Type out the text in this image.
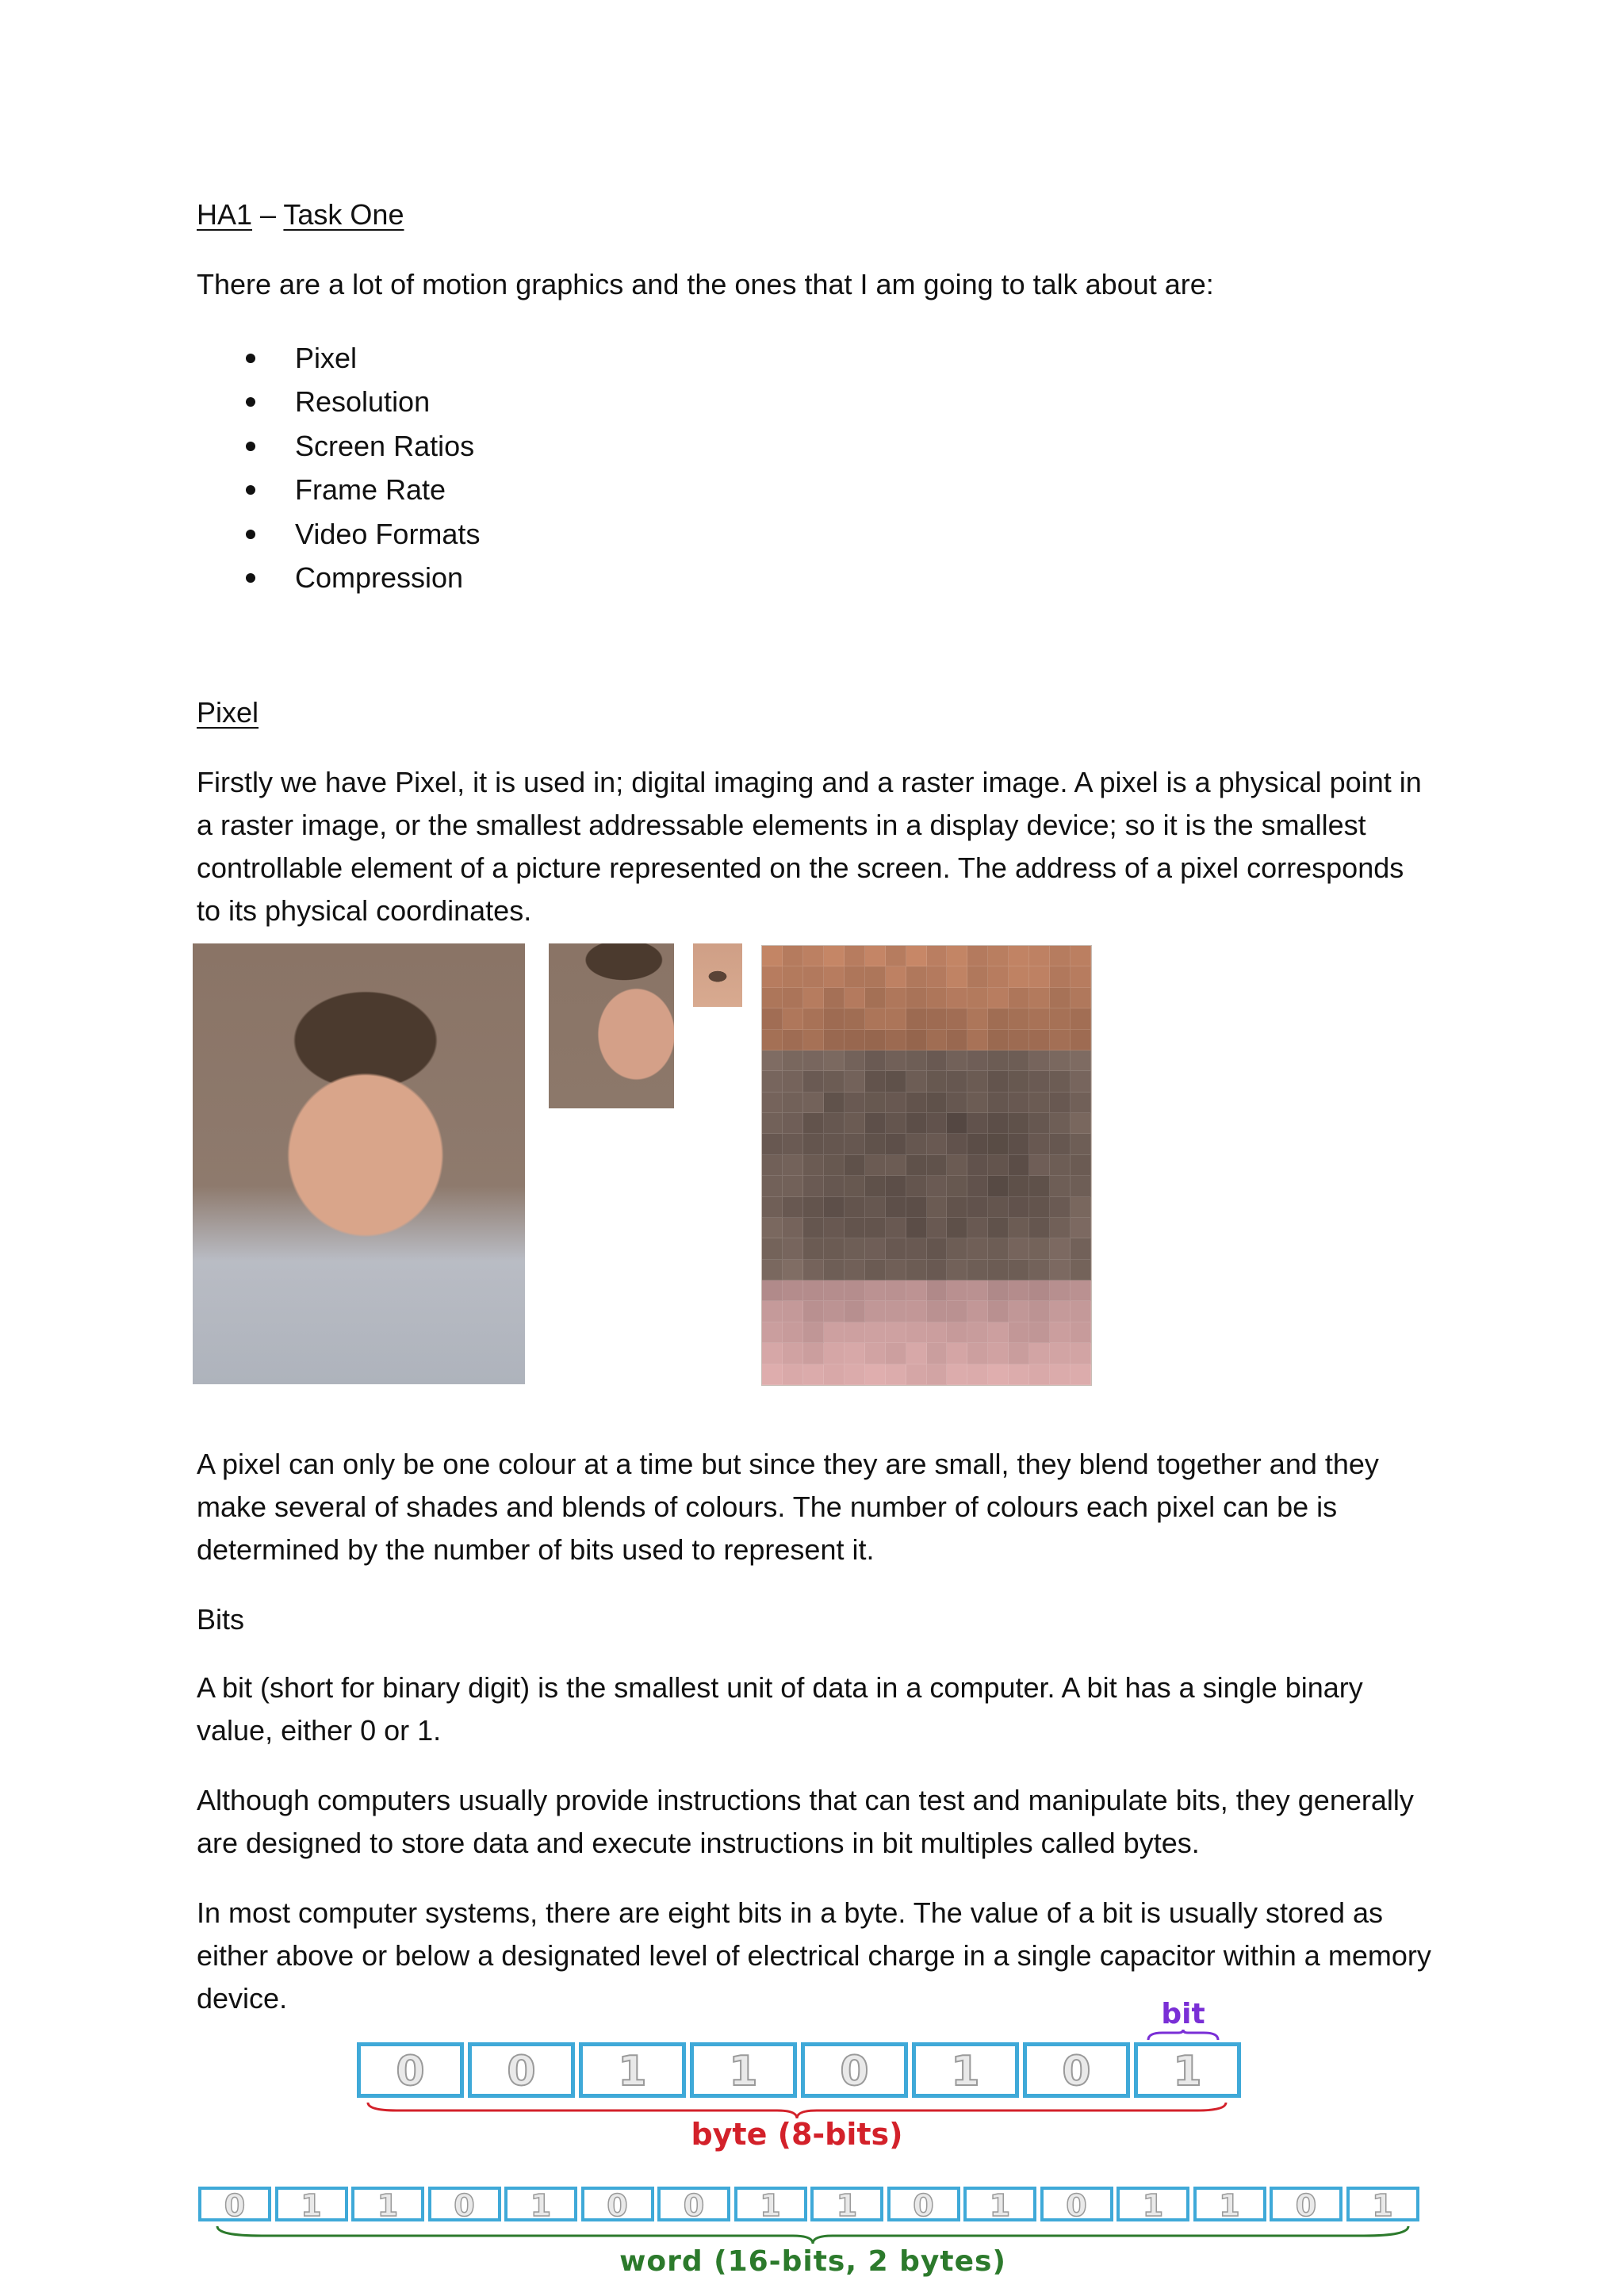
HA1 – Task One

There are a lot of motion graphics and the ones that I am going to talk about are:

Pixel
Resolution
Screen Ratios
Frame Rate
Video Formats
Compression
Pixel

Firstly we have Pixel, it is used in; digital imaging and a raster image. A pixel is a physical point in a raster image, or the smallest addressable elements in a display device; so it is the smallest controllable element of a picture represented on the screen. The address of a pixel corresponds to its physical coordinates.

A pixel can only be one colour at a time but since they are small, they blend together and they make several of shades and blends of colours. The number of colours each pixel can be is determined by the number of bits used to represent it.

Bits

A bit (short for binary digit) is the smallest unit of data in a computer. A bit has a single binary value, either 0 or 1.

Although computers usually provide instructions that can test and manipulate bits, they generally are designed to store data and execute instructions in bit multiples called bytes.

In most computer systems, there are eight bits in a byte. The value of a bit is usually stored as either above or below a designated level of electrical charge in a single capacitor within a memory device.	bit
0	0	1	1	0	1	0	1
byte (8-bits)
0	1	1	0	1	0	0	1	1	0	1	0	1	1	0	1
word (16-bits, 2 bytes)
